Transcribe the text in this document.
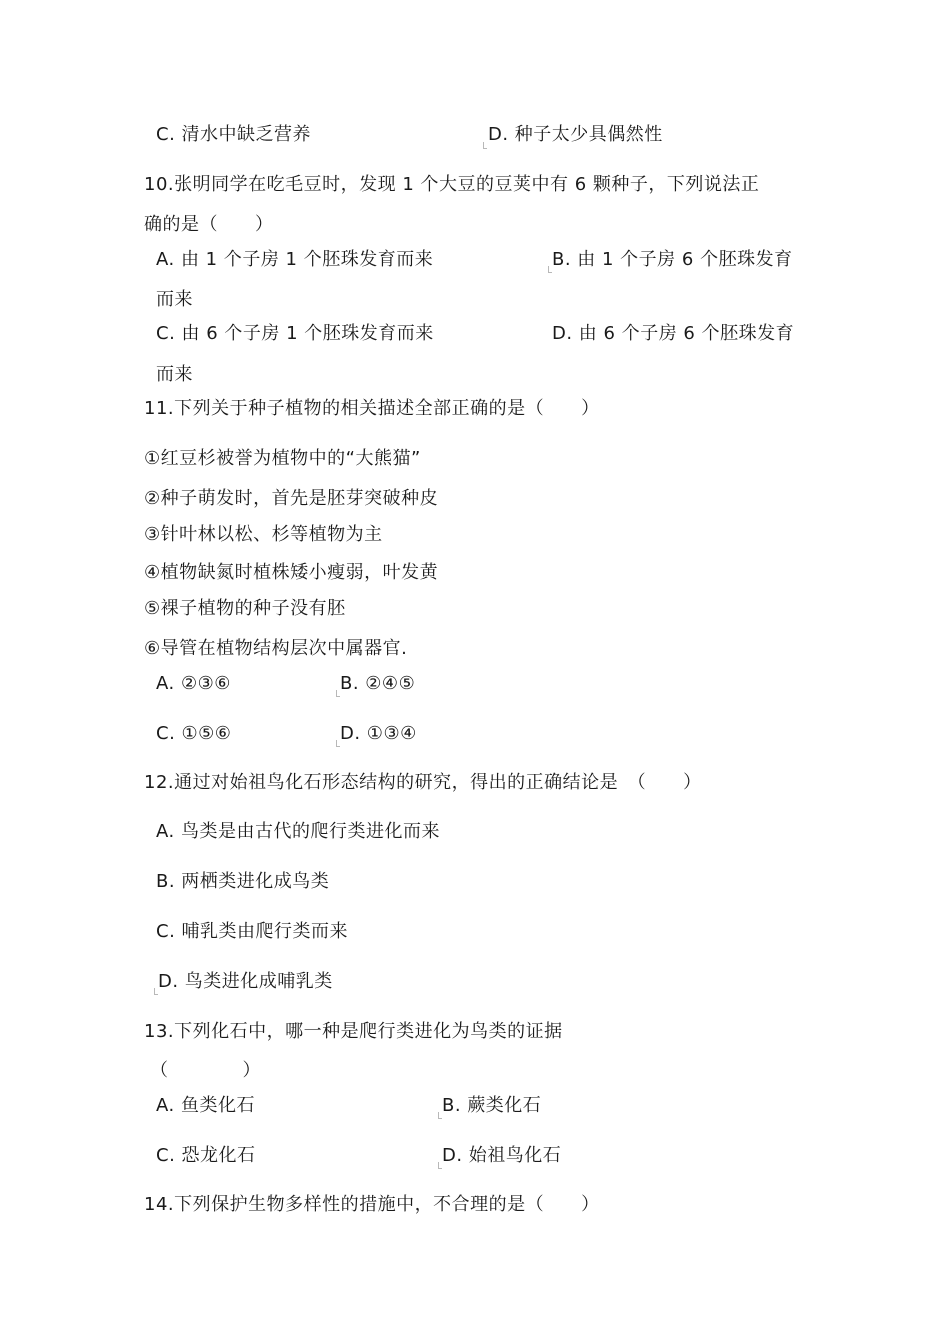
C. 清水中缺乏营养	D. 种子太少具偶然性
10.张明同学在吃毛豆时，发现 1 个大豆的豆荚中有 6 颗种子，下列说法正
确的是（　　）
A. 由 1 个子房 1 个胚珠发育而来	B. 由 1 个子房 6 个胚珠发育
而来
C. 由 6 个子房 1 个胚珠发育而来	D. 由 6 个子房 6 个胚珠发育
而来
11.下列关于种子植物的相关描述全部正确的是（　　）
①红豆杉被誉为植物中的“大熊猫”
②种子萌发时，首先是胚芽突破种皮
③针叶林以松、杉等植物为主
④植物缺氮时植株矮小瘦弱，叶发黄
⑤裸子植物的种子没有胚
⑥导管在植物结构层次中属器官.
A. ②③⑥	B. ②④⑤
C. ①⑤⑥	D. ①③④
12.通过对始祖鸟化石形态结构的研究，得出的正确结论是　（　　）
A. 鸟类是由古代的爬行类进化而来
B. 两栖类进化成鸟类
C. 哺乳类由爬行类而来
D. 鸟类进化成哺乳类
13.下列化石中，哪一种是爬行类进化为鸟类的证据
（　　　　）
A. 鱼类化石	B. 蕨类化石
C. 恐龙化石	D. 始祖鸟化石
14.下列保护生物多样性的措施中，不合理的是（　　）
